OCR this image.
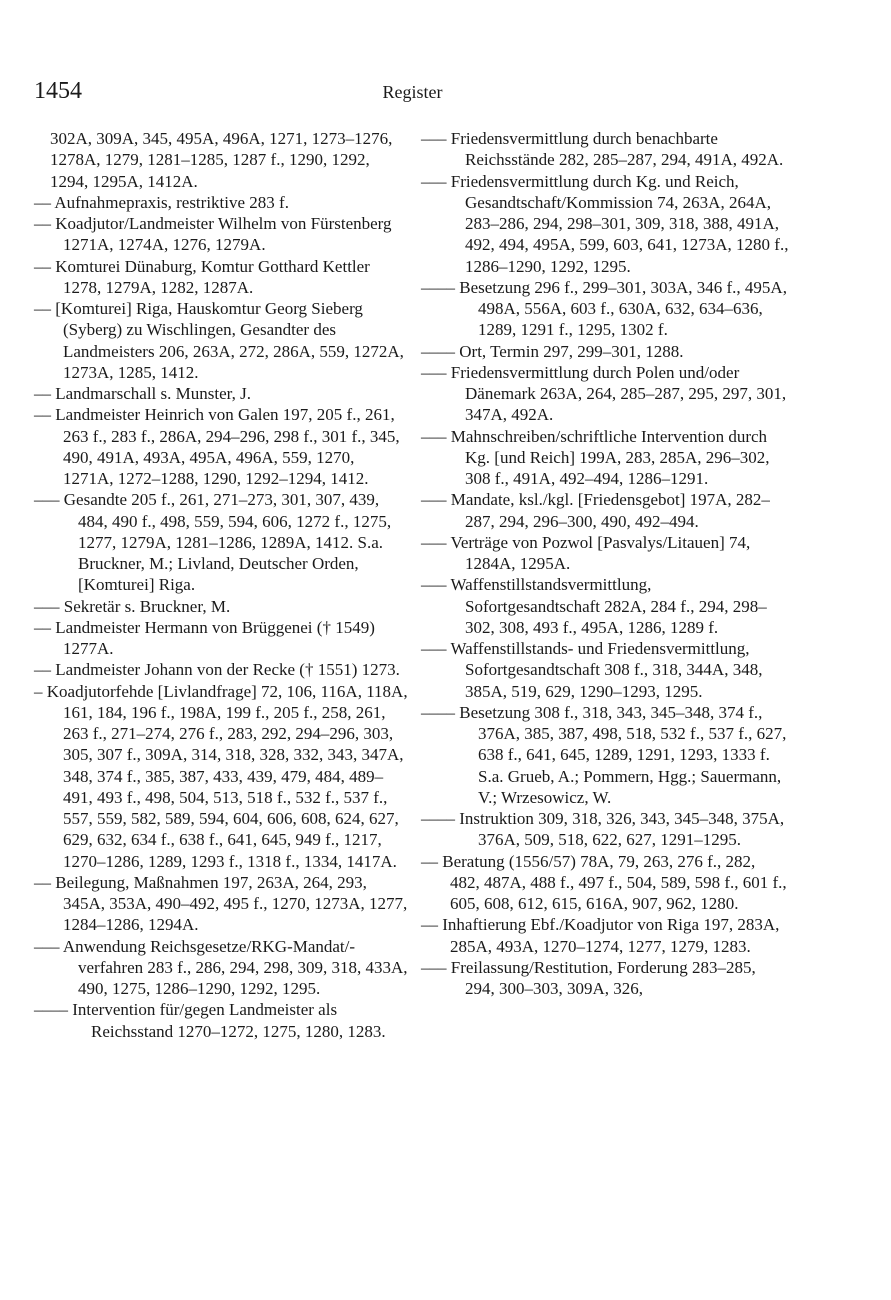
1454	Register

302A, 309A, 345, 495A, 496A, 1271, 1273–1276, 1278A, 1279, 1281–1285, 1287 f., 1290, 1292, 1294, 1295A, 1412A.

–– Aufnahmepraxis, restriktive 283 f.

–– Koadjutor/Landmeister Wilhelm von Fürstenberg 1271A, 1274A, 1276, 1279A.

–– Komturei Dünaburg, Komtur Gotthard Kettler 1278, 1279A, 1282, 1287A.

–– [Komturei] Riga, Hauskomtur Georg Sieberg (Syberg) zu Wischlingen, Gesandter des Landmeisters 206, 263A, 272, 286A, 559, 1272A, 1273A, 1285, 1412.

–– Landmarschall s. Munster, J.

–– Landmeister Heinrich von Galen 197, 205 f., 261, 263 f., 283 f., 286A, 294–296, 298 f., 301 f., 345, 490, 491A, 493A, 495A, 496A, 559, 1270, 1271A, 1272–1288, 1290, 1292–1294, 1412.

––– Gesandte 205 f., 261, 271–273, 301, 307, 439, 484, 490 f., 498, 559, 594, 606, 1272 f., 1275, 1277, 1279A, 1281–1286, 1289A, 1412. S.a. Bruckner, M.; Livland, Deutscher Orden, [Komturei] Riga.

––– Sekretär s. Bruckner, M.

–– Landmeister Hermann von Brüggenei († 1549) 1277A.

–– Landmeister Johann von der Recke († 1551) 1273.

– Koadjutorfehde [Livlandfrage] 72, 106, 116A, 118A, 161, 184, 196 f., 198A, 199 f., 205 f., 258, 261, 263 f., 271–274, 276 f., 283, 292, 294–296, 303, 305, 307 f., 309A, 314, 318, 328, 332, 343, 347A, 348, 374 f., 385, 387, 433, 439, 479, 484, 489–491, 493 f., 498, 504, 513, 518 f., 532 f., 537 f., 557, 559, 582, 589, 594, 604, 606, 608, 624, 627, 629, 632, 634 f., 638 f., 641, 645, 949 f., 1217, 1270–1286, 1289, 1293 f., 1318 f., 1334, 1417A.

–– Beilegung, Maßnahmen 197, 263A, 264, 293, 345A, 353A, 490–492, 495 f., 1270, 1273A, 1277, 1284–1286, 1294A.

––– Anwendung Reichsgesetze/RKG-Mandat/-verfahren 283 f., 286, 294, 298, 309, 318, 433A, 490, 1275, 1286–1290, 1292, 1295.

–––– Intervention für/gegen Landmeister als Reichsstand 1270–1272, 1275, 1280, 1283.

––– Friedensvermittlung durch benachbarte Reichsstände 282, 285–287, 294, 491A, 492A.

––– Friedensvermittlung durch Kg. und Reich, Gesandtschaft/Kommission 74, 263A, 264A, 283–286, 294, 298–301, 309, 318, 388, 491A, 492, 494, 495A, 599, 603, 641, 1273A, 1280 f., 1286–1290, 1292, 1295.

–––– Besetzung 296 f., 299–301, 303A, 346 f., 495A, 498A, 556A, 603 f., 630A, 632, 634–636, 1289, 1291 f., 1295, 1302 f.

–––– Ort, Termin 297, 299–301, 1288.

––– Friedensvermittlung durch Polen und/oder Dänemark 263A, 264, 285–287, 295, 297, 301, 347A, 492A.

––– Mahnschreiben/schriftliche Intervention durch Kg. [und Reich] 199A, 283, 285A, 296–302, 308 f., 491A, 492–494, 1286–1291.

––– Mandate, ksl./kgl. [Friedensgebot] 197A, 282–287, 294, 296–300, 490, 492–494.

––– Verträge von Pozwol [Pasvalys/Litauen] 74, 1284A, 1295A.

––– Waffenstillstandsvermittlung, Sofortgesandtschaft 282A, 284 f., 294, 298–302, 308, 493 f., 495A, 1286, 1289 f.

––– Waffenstillstands- und Friedensvermittlung, Sofortgesandtschaft 308 f., 318, 344A, 348, 385A, 519, 629, 1290–1293, 1295.

–––– Besetzung 308 f., 318, 343, 345–348, 374 f., 376A, 385, 387, 498, 518, 532 f., 537 f., 627, 638 f., 641, 645, 1289, 1291, 1293, 1333 f. S.a. Grueb, A.; Pommern, Hgg.; Sauermann, V.; Wrzesowicz, W.

–––– Instruktion 309, 318, 326, 343, 345–348, 375A, 376A, 509, 518, 622, 627, 1291–1295.

–– Beratung (1556/57) 78A, 79, 263, 276 f., 282, 482, 487A, 488 f., 497 f., 504, 589, 598 f., 601 f., 605, 608, 612, 615, 616A, 907, 962, 1280.

–– Inhaftierung Ebf./Koadjutor von Riga 197, 283A, 285A, 493A, 1270–1274, 1277, 1279, 1283.

––– Freilassung/Restitution, Forderung 283–285, 294, 300–303, 309A, 326,
